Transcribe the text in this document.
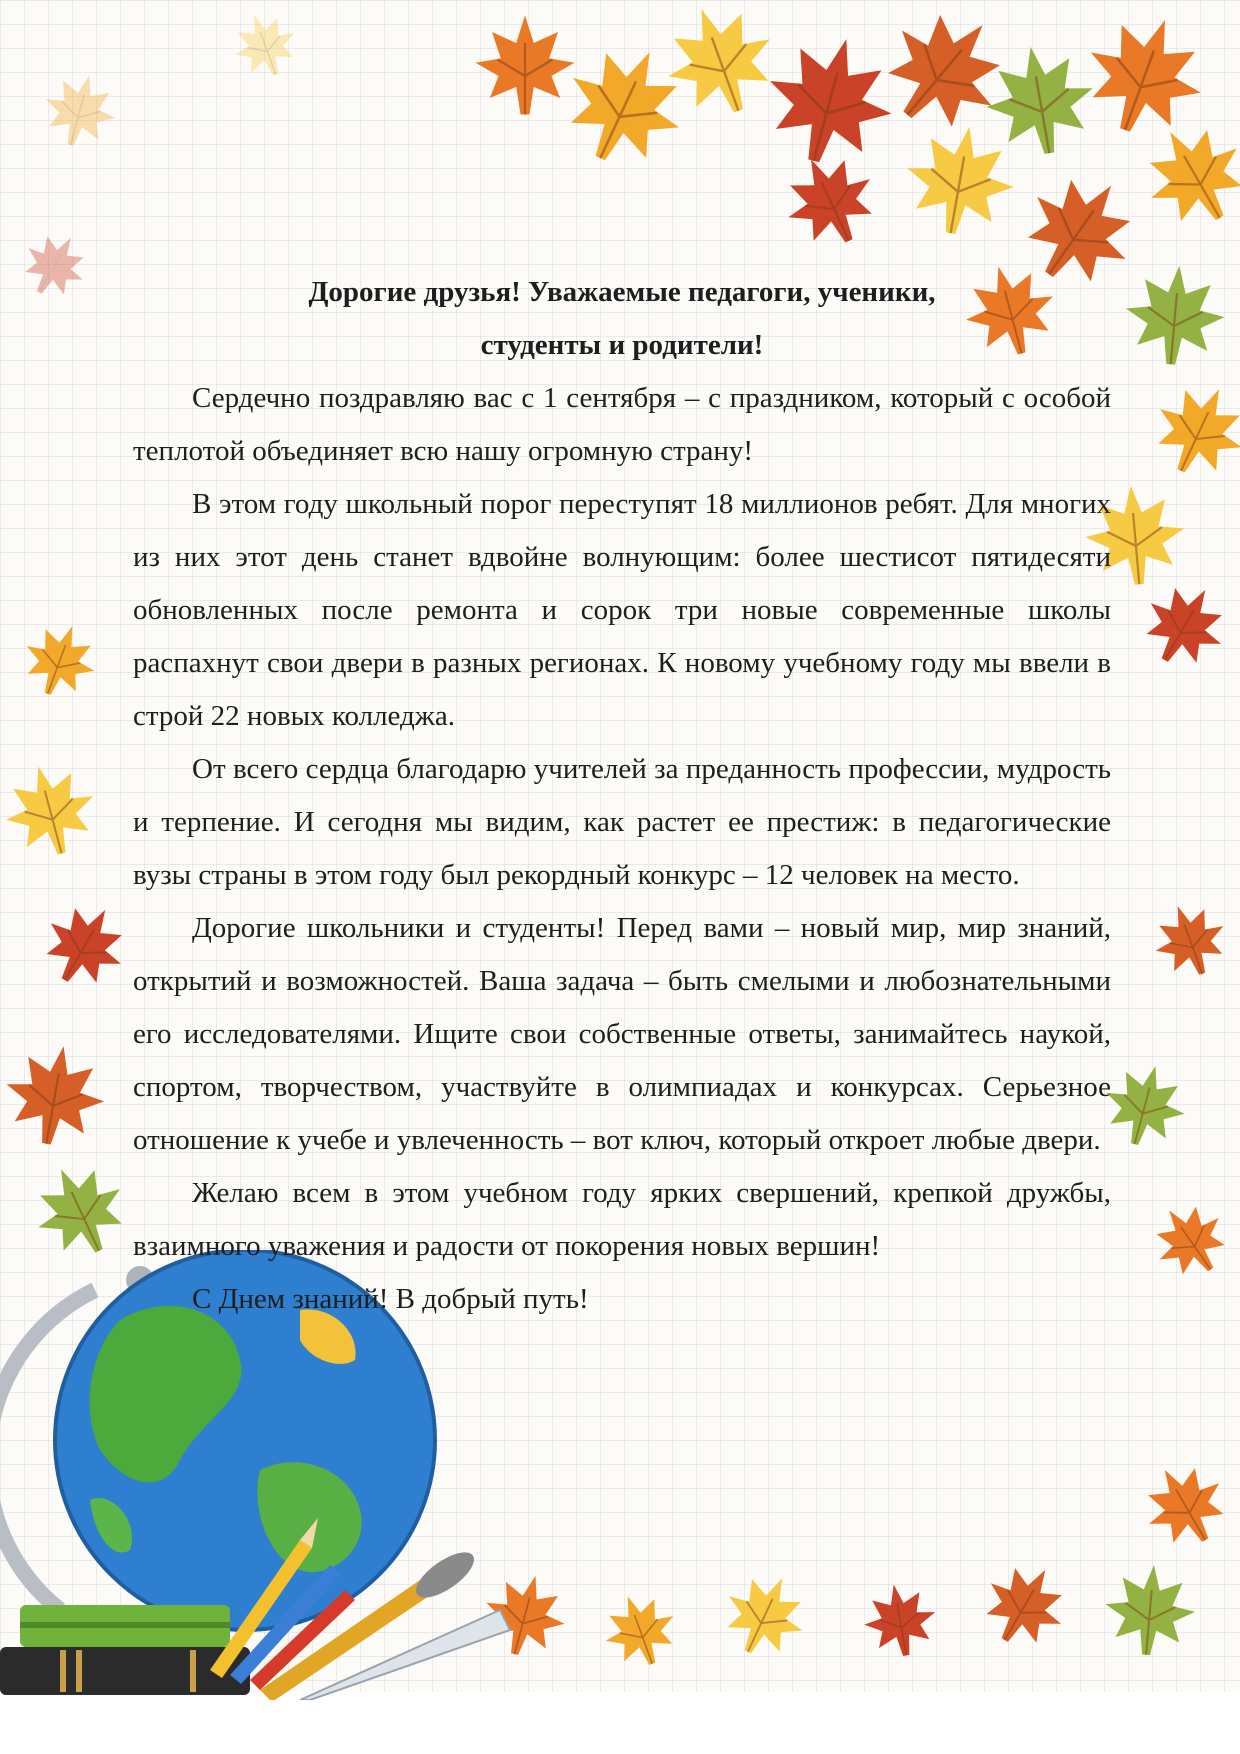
Дорогие друзья! Уважаемые педагоги, ученики,
студенты и родители!

Сердечно поздравляю вас с 1 сентября – с праздником, который с особой теплотой объединяет всю нашу огромную страну!

В этом году школьный порог переступят 18 миллионов ребят. Для многих из них этот день станет вдвойне волнующим: более шестисот пятидесяти обновленных после ремонта и сорок три новые современные школы распахнут свои двери в разных регионах. К новому учебному году мы ввели в строй 22 новых колледжа.

От всего сердца благодарю учителей за преданность профессии, мудрость и терпение. И сегодня мы видим, как растет ее престиж: в педагогические вузы страны в этом году был рекордный конкурс – 12 человек на место.

Дорогие школьники и студенты! Перед вами – новый мир, мир знаний, открытий и возможностей. Ваша задача – быть смелыми и любознательными его исследователями. Ищите свои собственные ответы, занимайтесь наукой, спортом, творчеством, участвуйте в олимпиадах и конкурсах. Серьезное отношение к учебе и увлеченность – вот ключ, который откроет любые двери.

Желаю всем в этом учебном году ярких свершений, крепкой дружбы, взаимного уважения и радости от покорения новых вершин!

С Днем знаний! В добрый путь!
